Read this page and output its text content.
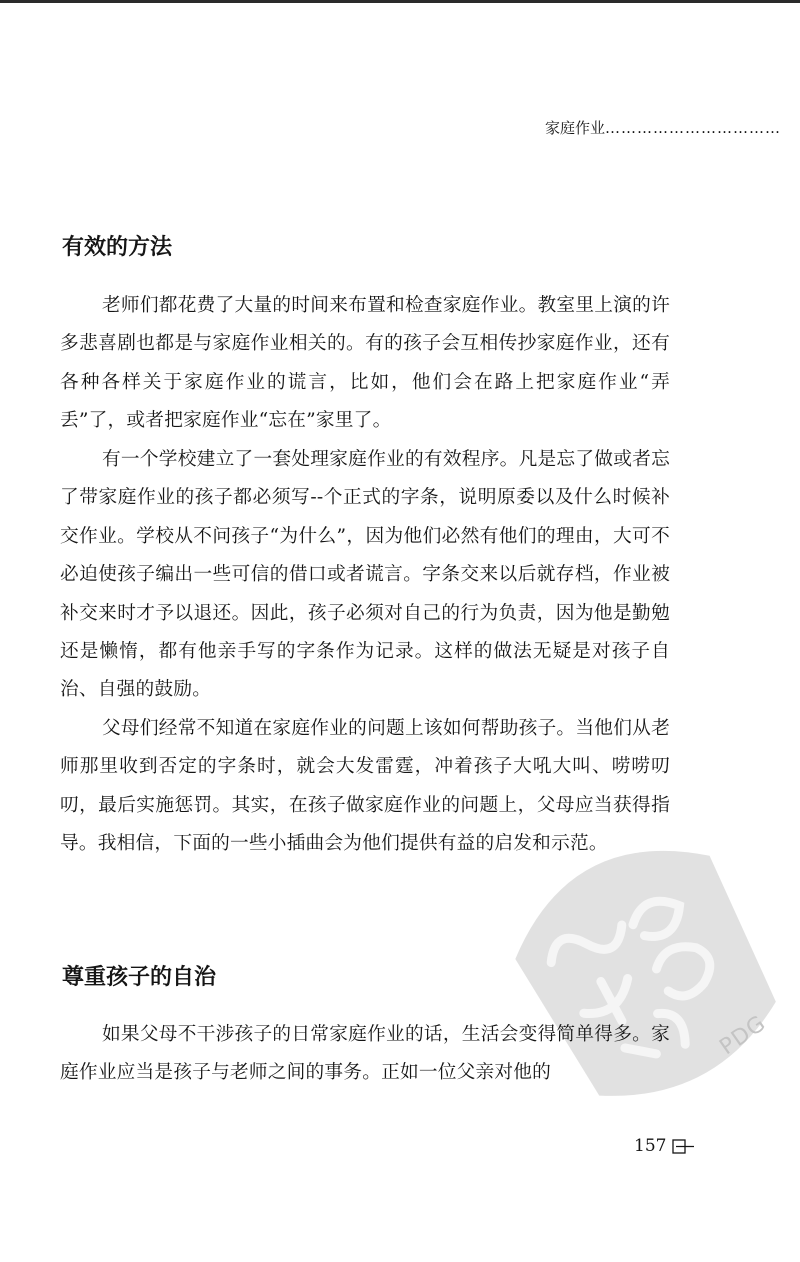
家庭作业……………………………
有效的方法

老师们都花费了大量的时间来布置和检查家庭作业。教室里上演的许多悲喜剧也都是与家庭作业相关的。有的孩子会互相传抄家庭作业，还有各种各样关于家庭作业的谎言，比如，他们会在路上把家庭作业“弄丢”了，或者把家庭作业“忘在”家里了。

有一个学校建立了一套处理家庭作业的有效程序。凡是忘了做或者忘了带家庭作业的孩子都必须写--个正式的字条，说明原委以及什么时候补交作业。学校从不问孩子“为什么”，因为他们必然有他们的理由，大可不必迫使孩子编出一些可信的借口或者谎言。字条交来以后就存档，作业被补交来时才予以退还。因此，孩子必须对自己的行为负责，因为他是勤勉还是懒惰，都有他亲手写的字条作为记录。这样的做法无疑是对孩子自治、自强的鼓励。

父母们经常不知道在家庭作业的问题上该如何帮助孩子。当他们从老师那里收到否定的字条时，就会大发雷霆，冲着孩子大吼大叫、唠唠叨叨，最后实施惩罚。其实，在孩子做家庭作业的问题上，父母应当获得指导。我相信，下面的一些小插曲会为他们提供有益的启发和示范。

PDG
尊重孩子的自治

如果父母不干涉孩子的日常家庭作业的话，生活会变得简单得多。家庭作业应当是孩子与老师之间的事务。正如一位父亲对他的

157
